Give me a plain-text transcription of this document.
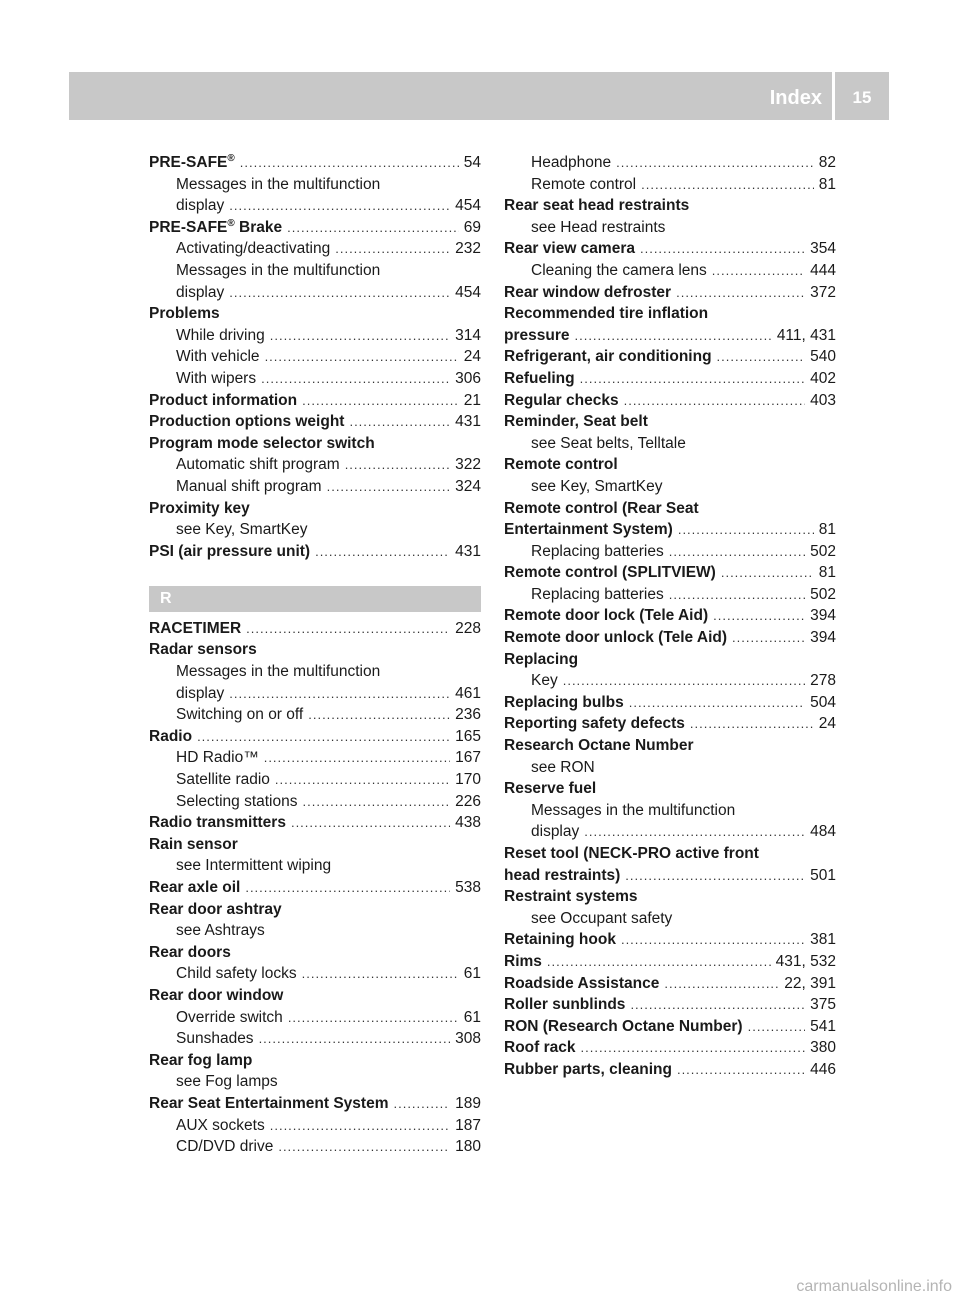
Index	15
PRE-SAFE® .....	54
Messages in the multifunction
display .....	454
PRE-SAFE® Brake .....	69
Activating/deactivating .....	232
Messages in the multifunction
display .....	454
Problems
While driving .....	314
With vehicle .....	24
With wipers .....	306
Product information .....	21
Production options weight .....	431
Program mode selector switch
Automatic shift program .....	322
Manual shift program .....	324
Proximity key
see Key, SmartKey
PSI (air pressure unit) .....	431
R
RACETIMER .....	228
Radar sensors
Messages in the multifunction
display .....	461
Switching on or off .....	236
Radio .....	165
HD Radio™ .....	167
Satellite radio .....	170
Selecting stations .....	226
Radio transmitters .....	438
Rain sensor
see Intermittent wiping
Rear axle oil .....	538
Rear door ashtray
see Ashtrays
Rear doors
Child safety locks .....	61
Rear door window
Override switch .....	61
Sunshades .....	308
Rear fog lamp
see Fog lamps
Rear Seat Entertainment System .....	189
AUX sockets .....	187
CD/DVD drive .....	180
Headphone .....	82
Remote control .....	81
Rear seat head restraints
see Head restraints
Rear view camera .....	354
Cleaning the camera lens .....	444
Rear window defroster .....	372
Recommended tire inflation
pressure .....	411, 431
Refrigerant, air conditioning .....	540
Refueling .....	402
Regular checks .....	403
Reminder, Seat belt
see Seat belts, Telltale
Remote control
see Key, SmartKey
Remote control (Rear Seat
Entertainment System) .....	81
Replacing batteries .....	502
Remote control (SPLITVIEW) .....	81
Replacing batteries .....	502
Remote door lock (Tele Aid) .....	394
Remote door unlock (Tele Aid) .....	394
Replacing
Key .....	278
Replacing bulbs .....	504
Reporting safety defects .....	24
Research Octane Number
see RON
Reserve fuel
Messages in the multifunction
display .....	484
Reset tool (NECK-PRO active front
head restraints) .....	501
Restraint systems
see Occupant safety
Retaining hook .....	381
Rims .....	431, 532
Roadside Assistance .....	22, 391
Roller sunblinds .....	375
RON (Research Octane Number) .....	541
Roof rack .....	380
Rubber parts, cleaning .....	446
carmanualsonline.info
